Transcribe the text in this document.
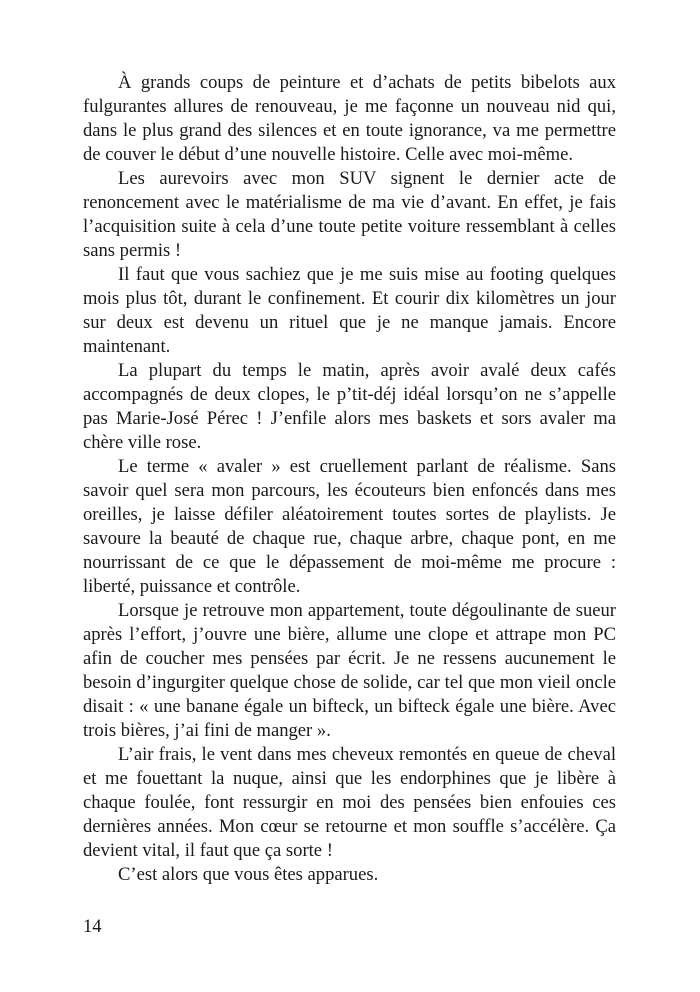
À grands coups de peinture et d’achats de petits bibelots aux fulgurantes allures de renouveau, je me façonne un nouveau nid qui, dans le plus grand des silences et en toute ignorance, va me permettre de couver le début d’une nouvelle histoire. Celle avec moi-même.

Les aurevoirs avec mon SUV signent le dernier acte de renoncement avec le matérialisme de ma vie d’avant. En effet, je fais l’acquisition suite à cela d’une toute petite voiture ressemblant à celles sans permis !

Il faut que vous sachiez que je me suis mise au footing quelques mois plus tôt, durant le confinement. Et courir dix kilomètres un jour sur deux est devenu un rituel que je ne manque jamais. Encore maintenant.

La plupart du temps le matin, après avoir avalé deux cafés accompagnés de deux clopes, le p’tit-déj idéal lorsqu’on ne s’appelle pas Marie-José Pérec ! J’enfile alors mes baskets et sors avaler ma chère ville rose.

Le terme « avaler » est cruellement parlant de réalisme. Sans savoir quel sera mon parcours, les écouteurs bien enfoncés dans mes oreilles, je laisse défiler aléatoirement toutes sortes de playlists. Je savoure la beauté de chaque rue, chaque arbre, chaque pont, en me nourrissant de ce que le dépassement de moi-même me procure : liberté, puissance et contrôle.

Lorsque je retrouve mon appartement, toute dégoulinante de sueur après l’effort, j’ouvre une bière, allume une clope et attrape mon PC afin de coucher mes pensées par écrit. Je ne ressens aucunement le besoin d’ingurgiter quelque chose de solide, car tel que mon vieil oncle disait : « une banane égale un bifteck, un bifteck égale une bière. Avec trois bières, j’ai fini de manger ».

L’air frais, le vent dans mes cheveux remontés en queue de cheval et me fouettant la nuque, ainsi que les endorphines que je libère à chaque foulée, font ressurgir en moi des pensées bien enfouies ces dernières années. Mon cœur se retourne et mon souffle s’accélère. Ça devient vital, il faut que ça sorte !

C’est alors que vous êtes apparues.

14
